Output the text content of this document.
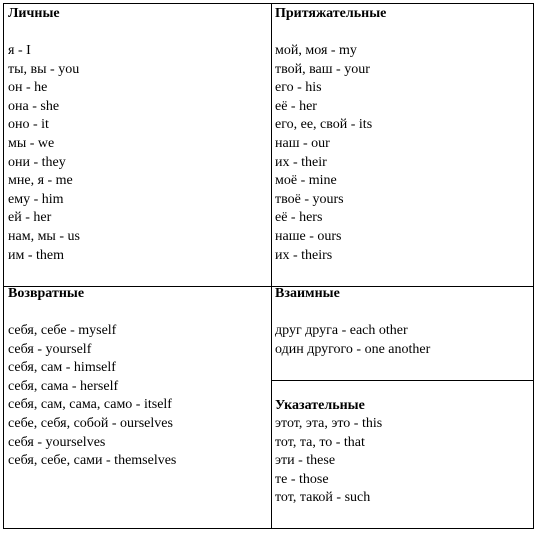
Личные

я - I
ты, вы - you
он - he
она - she
оно - it
мы - we
они - they
мне, я - me
ему - him
ей - her
нам, мы - us
им - them

Притяжательные

мой, моя - my
твой, ваш - your
его - his
её - her
его, ее, свой - its
наш - our
их - their
моё - mine
твоё - yours
её - hers
наше - ours
их - theirs

Возвратные

себя, себе - myself
себя - yourself
себя, сам - himself
себя, сама - herself
себя, сам, сама, само - itself
себе, себя, собой - ourselves
себя - yourselves
себя, себе, сами - themselves

Взаимные

друг друга - each other
один другого - one another

Указательные

этот, эта, это - this
тот, та, то - that
эти - these
те - those
тот, такой - such
